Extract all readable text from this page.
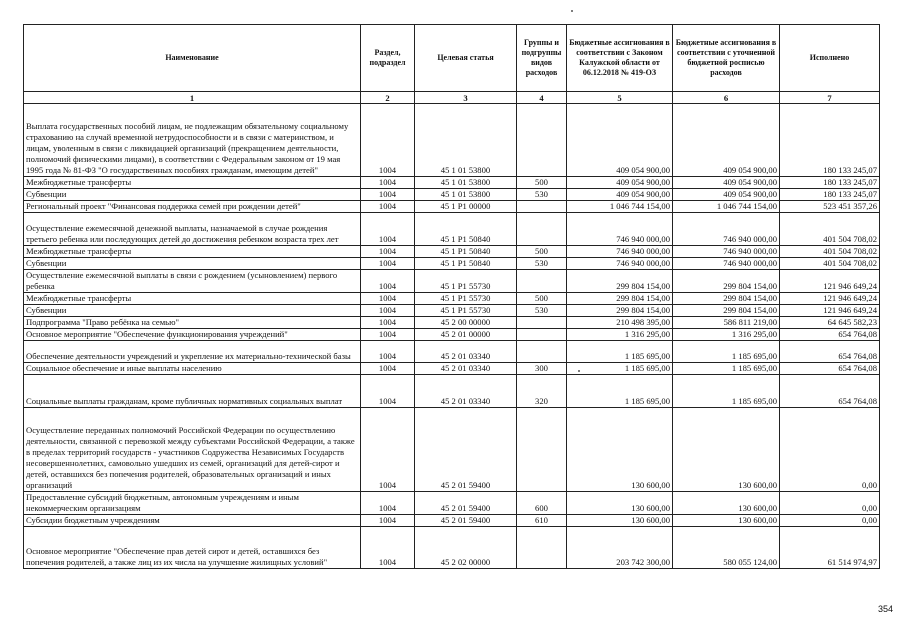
Наименование	Раздел, подраздел	Целевая статья	Группы и подгруппы видов расходов	Бюджетные ассигнования в соответствии с Законом Калужской области от 06.12.2018 № 419-ОЗ	Бюджетные ассигнования в соответствии с уточненной бюджетной росписью расходов	Исполнено
1	2	3	4	5	6	7
Выплата государственных пособий лицам, не подлежащим обязательному социальному страхованию на случай временной нетрудоспособности и в связи с материнством, и лицам, уволенным в связи с ликвидацией организаций (прекращением деятельности, полномочий физическими лицами), в соответствии с Федеральным законом от 19 мая 1995 года № 81-ФЗ "О государственных пособиях гражданам, имеющим детей"	1004	45 1 01 53800		409 054 900,00	409 054 900,00	180 133 245,07
Межбюджетные трансферты	1004	45 1 01 53800	500	409 054 900,00	409 054 900,00	180 133 245,07
Субвенции	1004	45 1 01 53800	530	409 054 900,00	409 054 900,00	180 133 245,07
Региональный проект "Финансовая поддержка семей при рождении детей"	1004	45 1 P1 00000		1 046 744 154,00	1 046 744 154,00	523 451 357,26
Осуществление ежемесячной денежной выплаты, назначаемой в случае рождения третьего ребенка или последующих детей до достижения ребенком возраста трех лет	1004	45 1 P1 50840		746 940 000,00	746 940 000,00	401 504 708,02
Межбюджетные трансферты	1004	45 1 P1 50840	500	746 940 000,00	746 940 000,00	401 504 708,02
Субвенции	1004	45 1 P1 50840	530	746 940 000,00	746 940 000,00	401 504 708,02
Осуществление ежемесячной выплаты в связи с рождением (усыновлением) первого ребенка	1004	45 1 P1 55730		299 804 154,00	299 804 154,00	121 946 649,24
Межбюджетные трансферты	1004	45 1 P1 55730	500	299 804 154,00	299 804 154,00	121 946 649,24
Субвенции	1004	45 1 P1 55730	530	299 804 154,00	299 804 154,00	121 946 649,24
Подпрограмма "Право ребёнка на семью"	1004	45 2 00 00000		210 498 395,00	586 811 219,00	64 645 582,23
Основное мероприятие "Обеспечение функционирования учреждений"	1004	45 2 01 00000		1 316 295,00	1 316 295,00	654 764,08
Обеспечение деятельности учреждений и укрепление их материально-технической базы	1004	45 2 01 03340		1 185 695,00	1 185 695,00	654 764,08
Социальное обеспечение и иные выплаты населению	1004	45 2 01 03340	300	1 185 695,00	1 185 695,00	654 764,08
Социальные выплаты гражданам, кроме публичных нормативных социальных выплат	1004	45 2 01 03340	320	1 185 695,00	1 185 695,00	654 764,08
Осуществление переданных полномочий Российской Федерации по осуществлению деятельности, связанной с перевозкой между субъектами Российской Федерации, а также в пределах территорий государств - участников Содружества Независимых Государств несовершеннолетних, самовольно ушедших из семей, организаций для детей-сирот и детей, оставшихся без попечения родителей, образовательных организаций и иных организаций	1004	45 2 01 59400		130 600,00	130 600,00	0,00
Предоставление субсидий бюджетным, автономным учреждениям и иным некоммерческим организациям	1004	45 2 01 59400	600	130 600,00	130 600,00	0,00
Субсидии бюджетным учреждениям	1004	45 2 01 59400	610	130 600,00	130 600,00	0,00
Основное мероприятие "Обеспечение прав детей сирот и детей, оставшихся без попечения родителей, а также лиц из их числа на улучшение жилищных условий"	1004	45 2 02 00000		203 742 300,00	580 055 124,00	61 514 974,97
354
